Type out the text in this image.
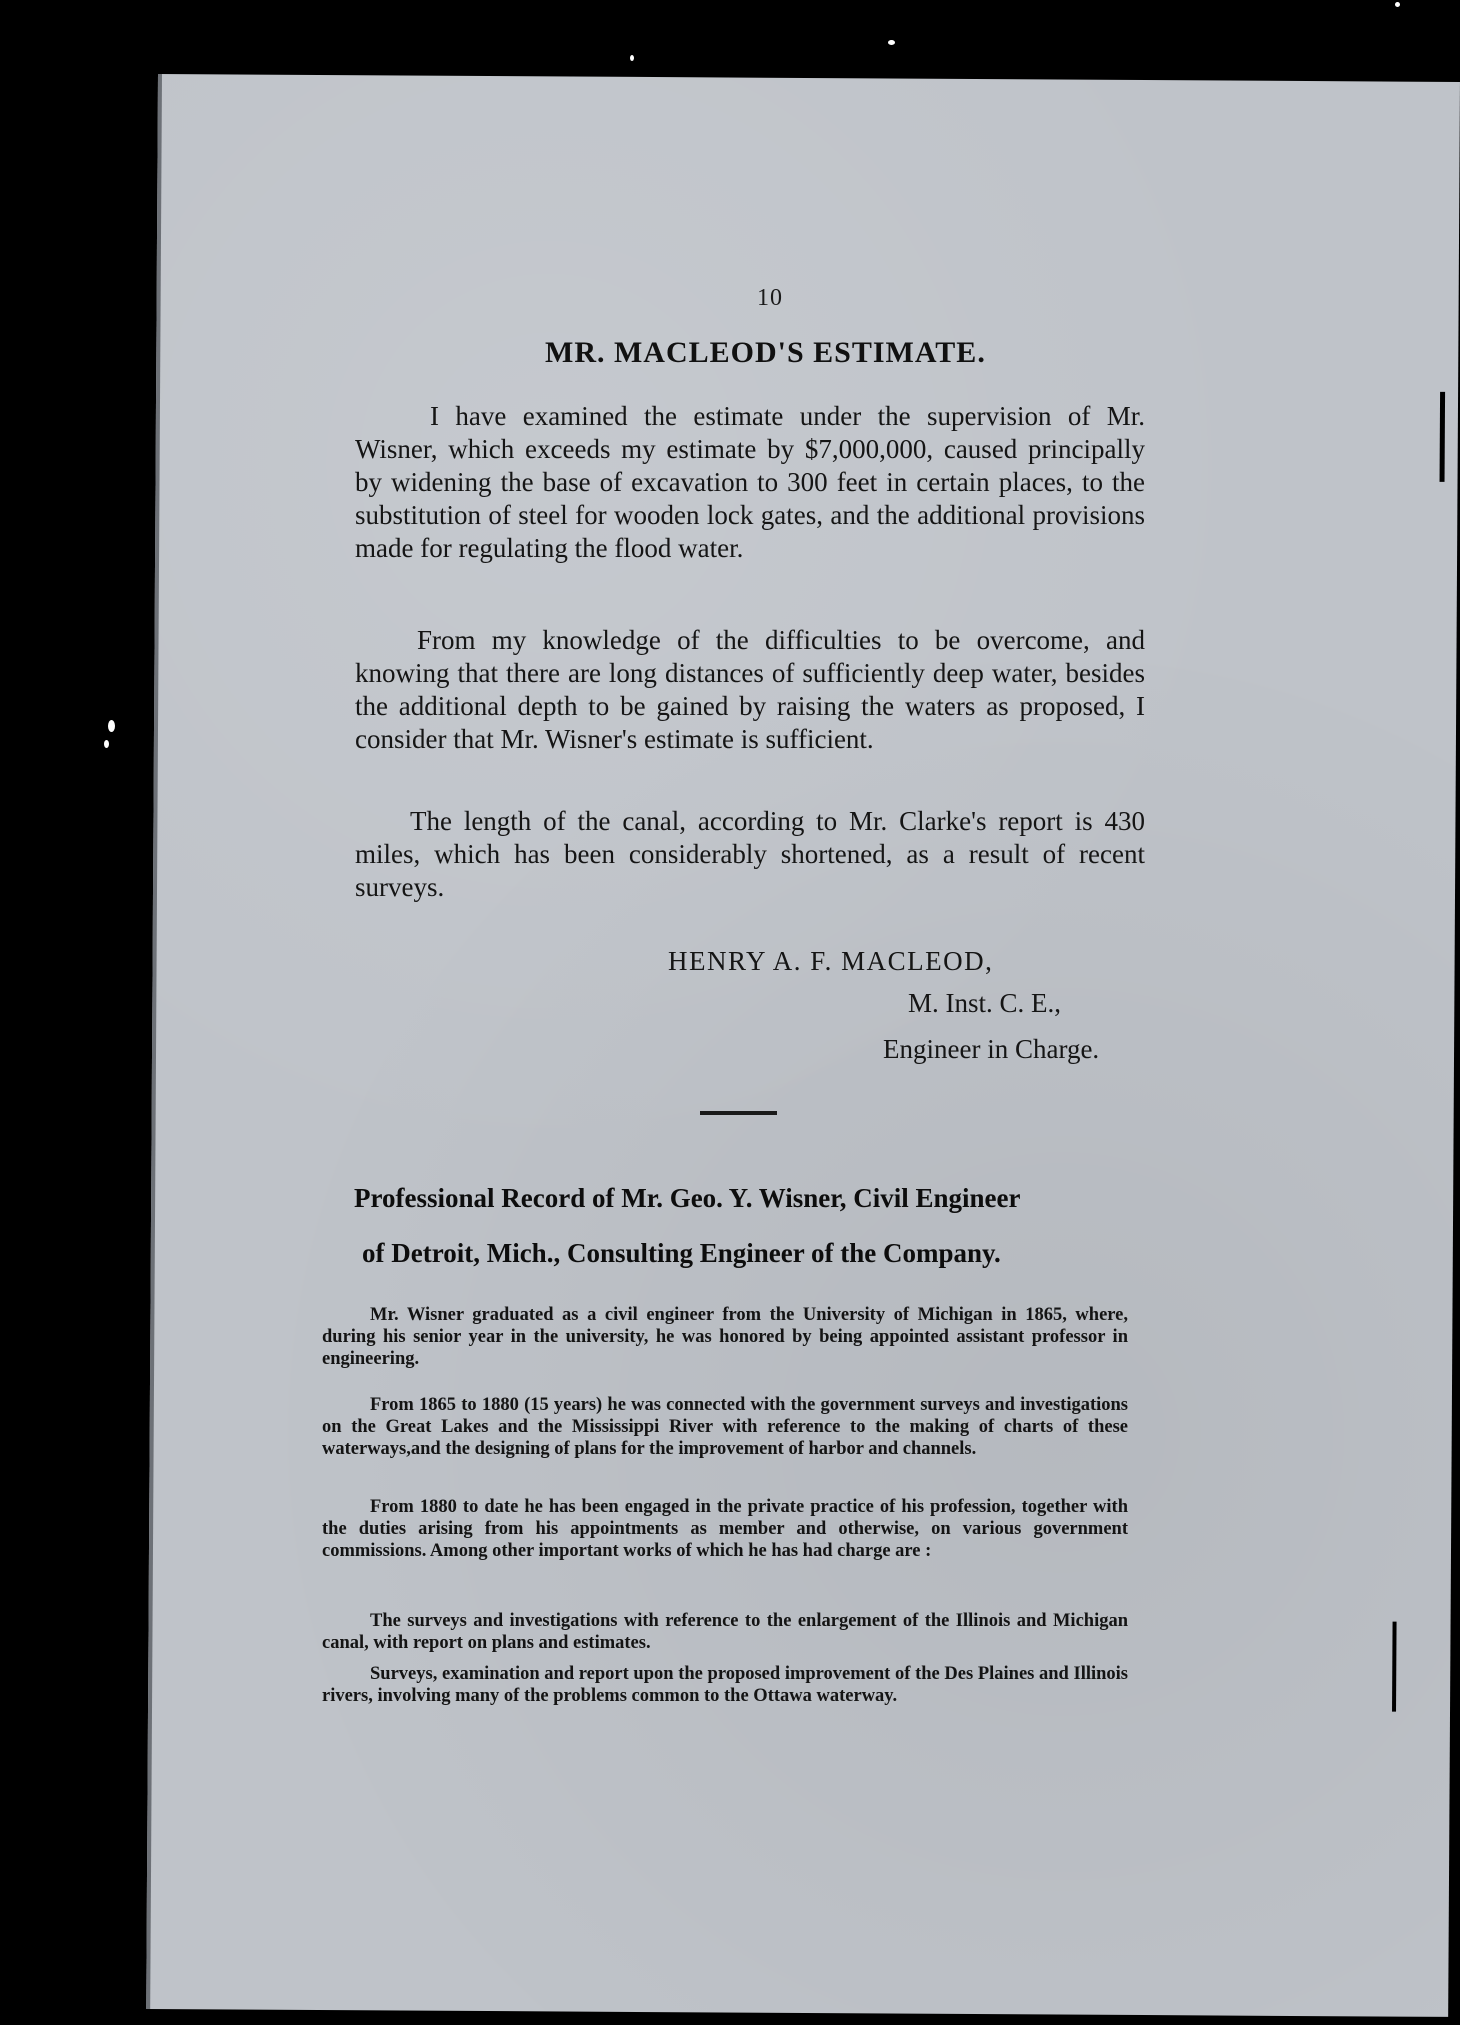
10
MR. MACLEOD'S ESTIMATE.

I have examined the estimate under the supervision of Mr. Wisner, which exceeds my estimate by $7,000,000, caused principally by widening the base of excavation to 300 feet in certain places, to the substitution of steel for wooden lock gates, and the additional provisions made for regulating the flood water.

From my knowledge of the difficulties to be overcome, and knowing that there are long distances of sufficiently deep water, besides the additional depth to be gained by raising the waters as proposed, I consider that Mr. Wisner's estimate is sufficient.

The length of the canal, according to Mr. Clarke's report is 430 miles, which has been considerably shortened, as a result of recent surveys.

HENRY A. F. MACLEOD,
M. Inst. C. E.,
Engineer in Charge.

Professional Record of Mr. Geo. Y. Wisner, Civil Engineer

of Detroit, Mich., Consulting Engineer of the Company.

Mr. Wisner graduated as a civil engineer from the University of Michigan in 1865, where, during his senior year in the university, he was honored by being appointed assistant professor in engineering.

From 1865 to 1880 (15 years) he was connected with the government surveys and investigations on the Great Lakes and the Mississippi River with reference to the making of charts of these waterways,and the designing of plans for the improvement of harbor and channels.

From 1880 to date he has been engaged in the private practice of his profession, together with the duties arising from his appointments as member and otherwise, on various government commissions. Among other important works of which he has had charge are :

The surveys and investigations with reference to the enlargement of the Illinois and Michigan canal, with report on plans and estimates.

Surveys, examination and report upon the proposed improvement of the Des Plaines and Illinois rivers, involving many of the problems common to the Ottawa waterway.
